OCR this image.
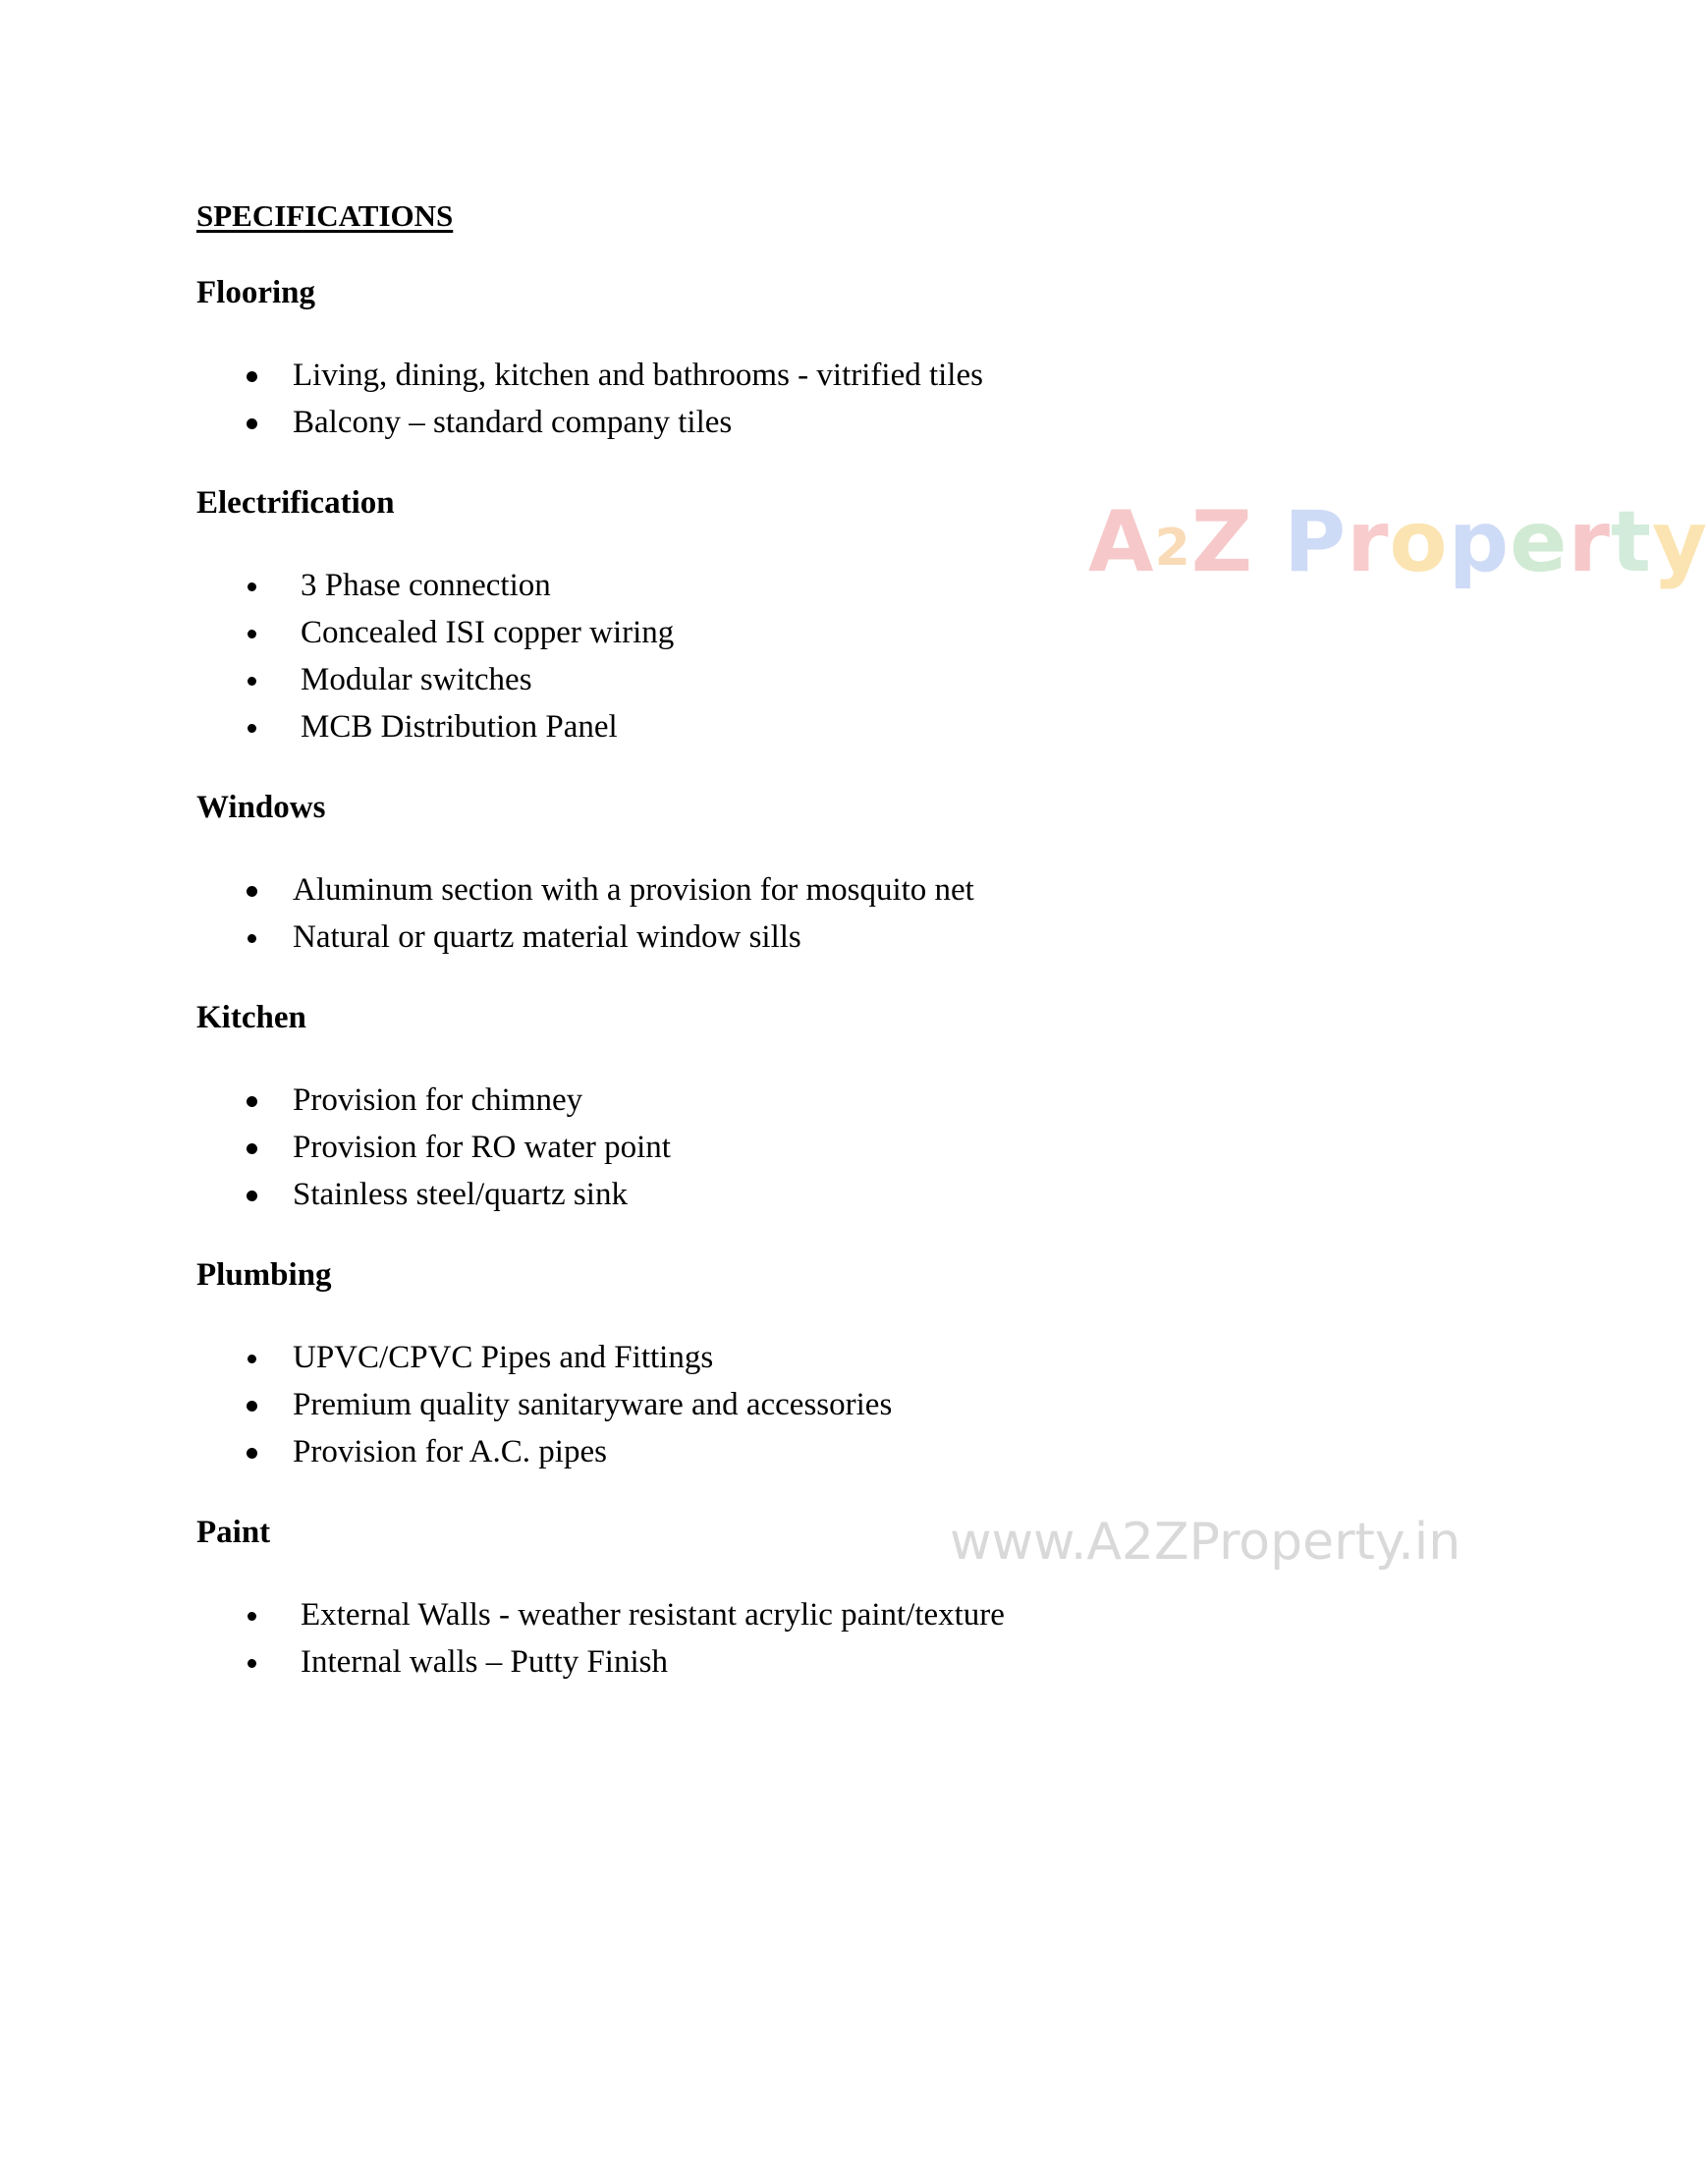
SPECIFICATIONS
Flooring
Living, dining, kitchen and bathrooms - vitrified tiles
Balcony – standard company tiles
Electrification
3 Phase connection
Concealed ISI copper wiring
Modular switches
MCB Distribution Panel
Windows
Aluminum section with a provision for mosquito net
Natural or quartz material window sills
Kitchen
Provision for chimney
Provision for RO water point
Stainless steel/quartz sink
Plumbing
UPVC/CPVC Pipes and Fittings
Premium quality sanitaryware and accessories
Provision for A.C. pipes
Paint
External Walls - weather resistant acrylic paint/texture
Internal walls – Putty Finish
A2Z Property
www.A2ZProperty.in
